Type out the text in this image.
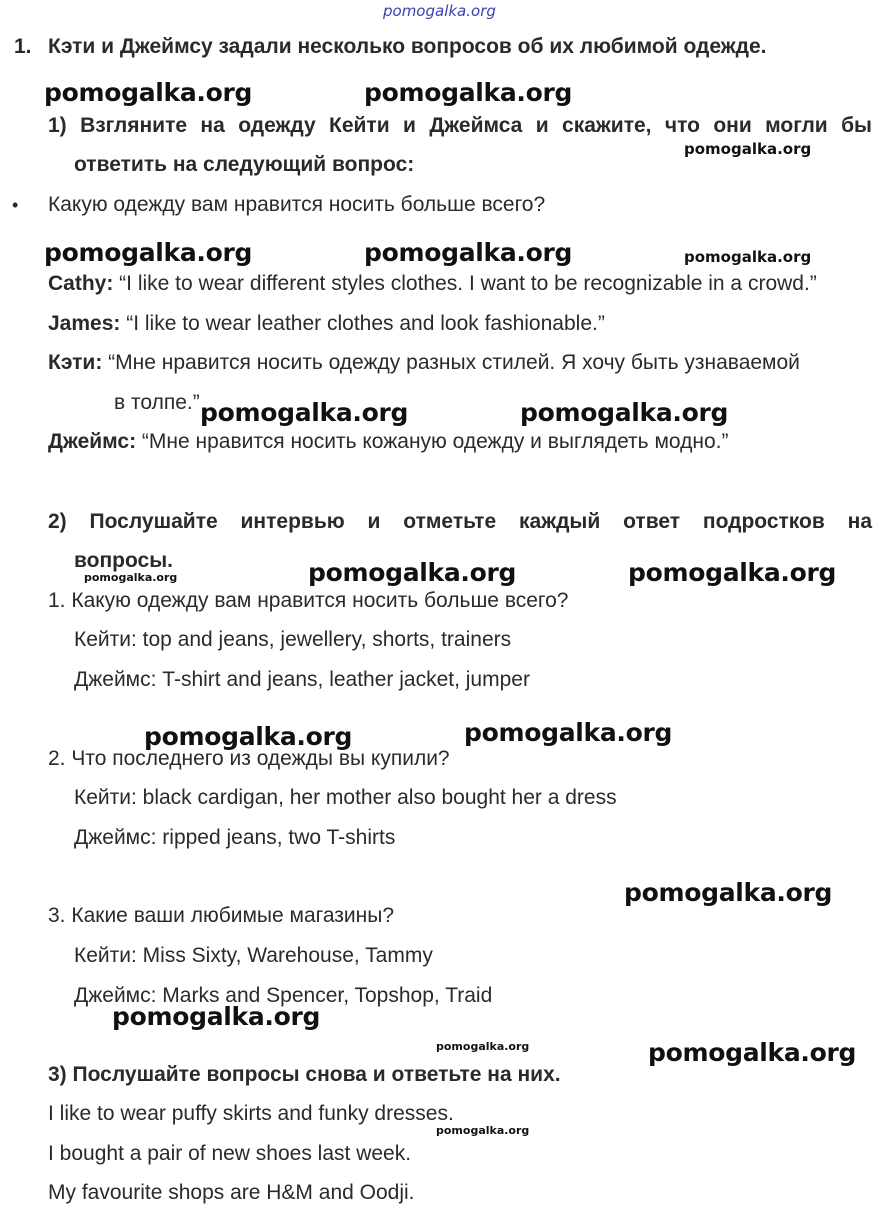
pomogalka.org
1. Кэти и Джеймсу задали несколько вопросов об их любимой одежде.
1) Взгляните на одежду Кейти и Джеймса и скажите, что они могли бы
ответить на следующий вопрос:
• Какую одежду вам нравится носить больше всего?
Cathy: “I like to wear different styles clothes. I want to be recognizable in a crowd.”
James: “I like to wear leather clothes and look fashionable.”
Кэти: “Мне нравится носить одежду разных стилей. Я хочу быть узнаваемой
в толпе.”
Джеймс: “Мне нравится носить кожаную одежду и выглядеть модно.”
2) Послушайте интервью и отметьте каждый ответ подростков на
вопросы.
1. Какую одежду вам нравится носить больше всего?
Кейти: top and jeans, jewellery, shorts, trainers
Джеймс: T-shirt and jeans, leather jacket, jumper
2. Что последнего из одежды вы купили?
Кейти: black cardigan, her mother also bought her a dress
Джеймс: ripped jeans, two T-shirts
3. Какие ваши любимые магазины?
Кейти: Miss Sixty, Warehouse, Tammy
Джеймс: Marks and Spencer, Topshop, Traid
3) Послушайте вопросы снова и ответьте на них.
I like to wear puffy skirts and funky dresses.
I bought a pair of new shoes last week.
My favourite shops are H&M and Oodji.
pomogalka.org	pomogalka.org
pomogalka.org
pomogalka.org	pomogalka.org	pomogalka.org
pomogalka.org	pomogalka.org
pomogalka.org	pomogalka.org	pomogalka.org
pomogalka.org	pomogalka.org
pomogalka.org
pomogalka.org
pomogalka.org	pomogalka.org
pomogalka.org
